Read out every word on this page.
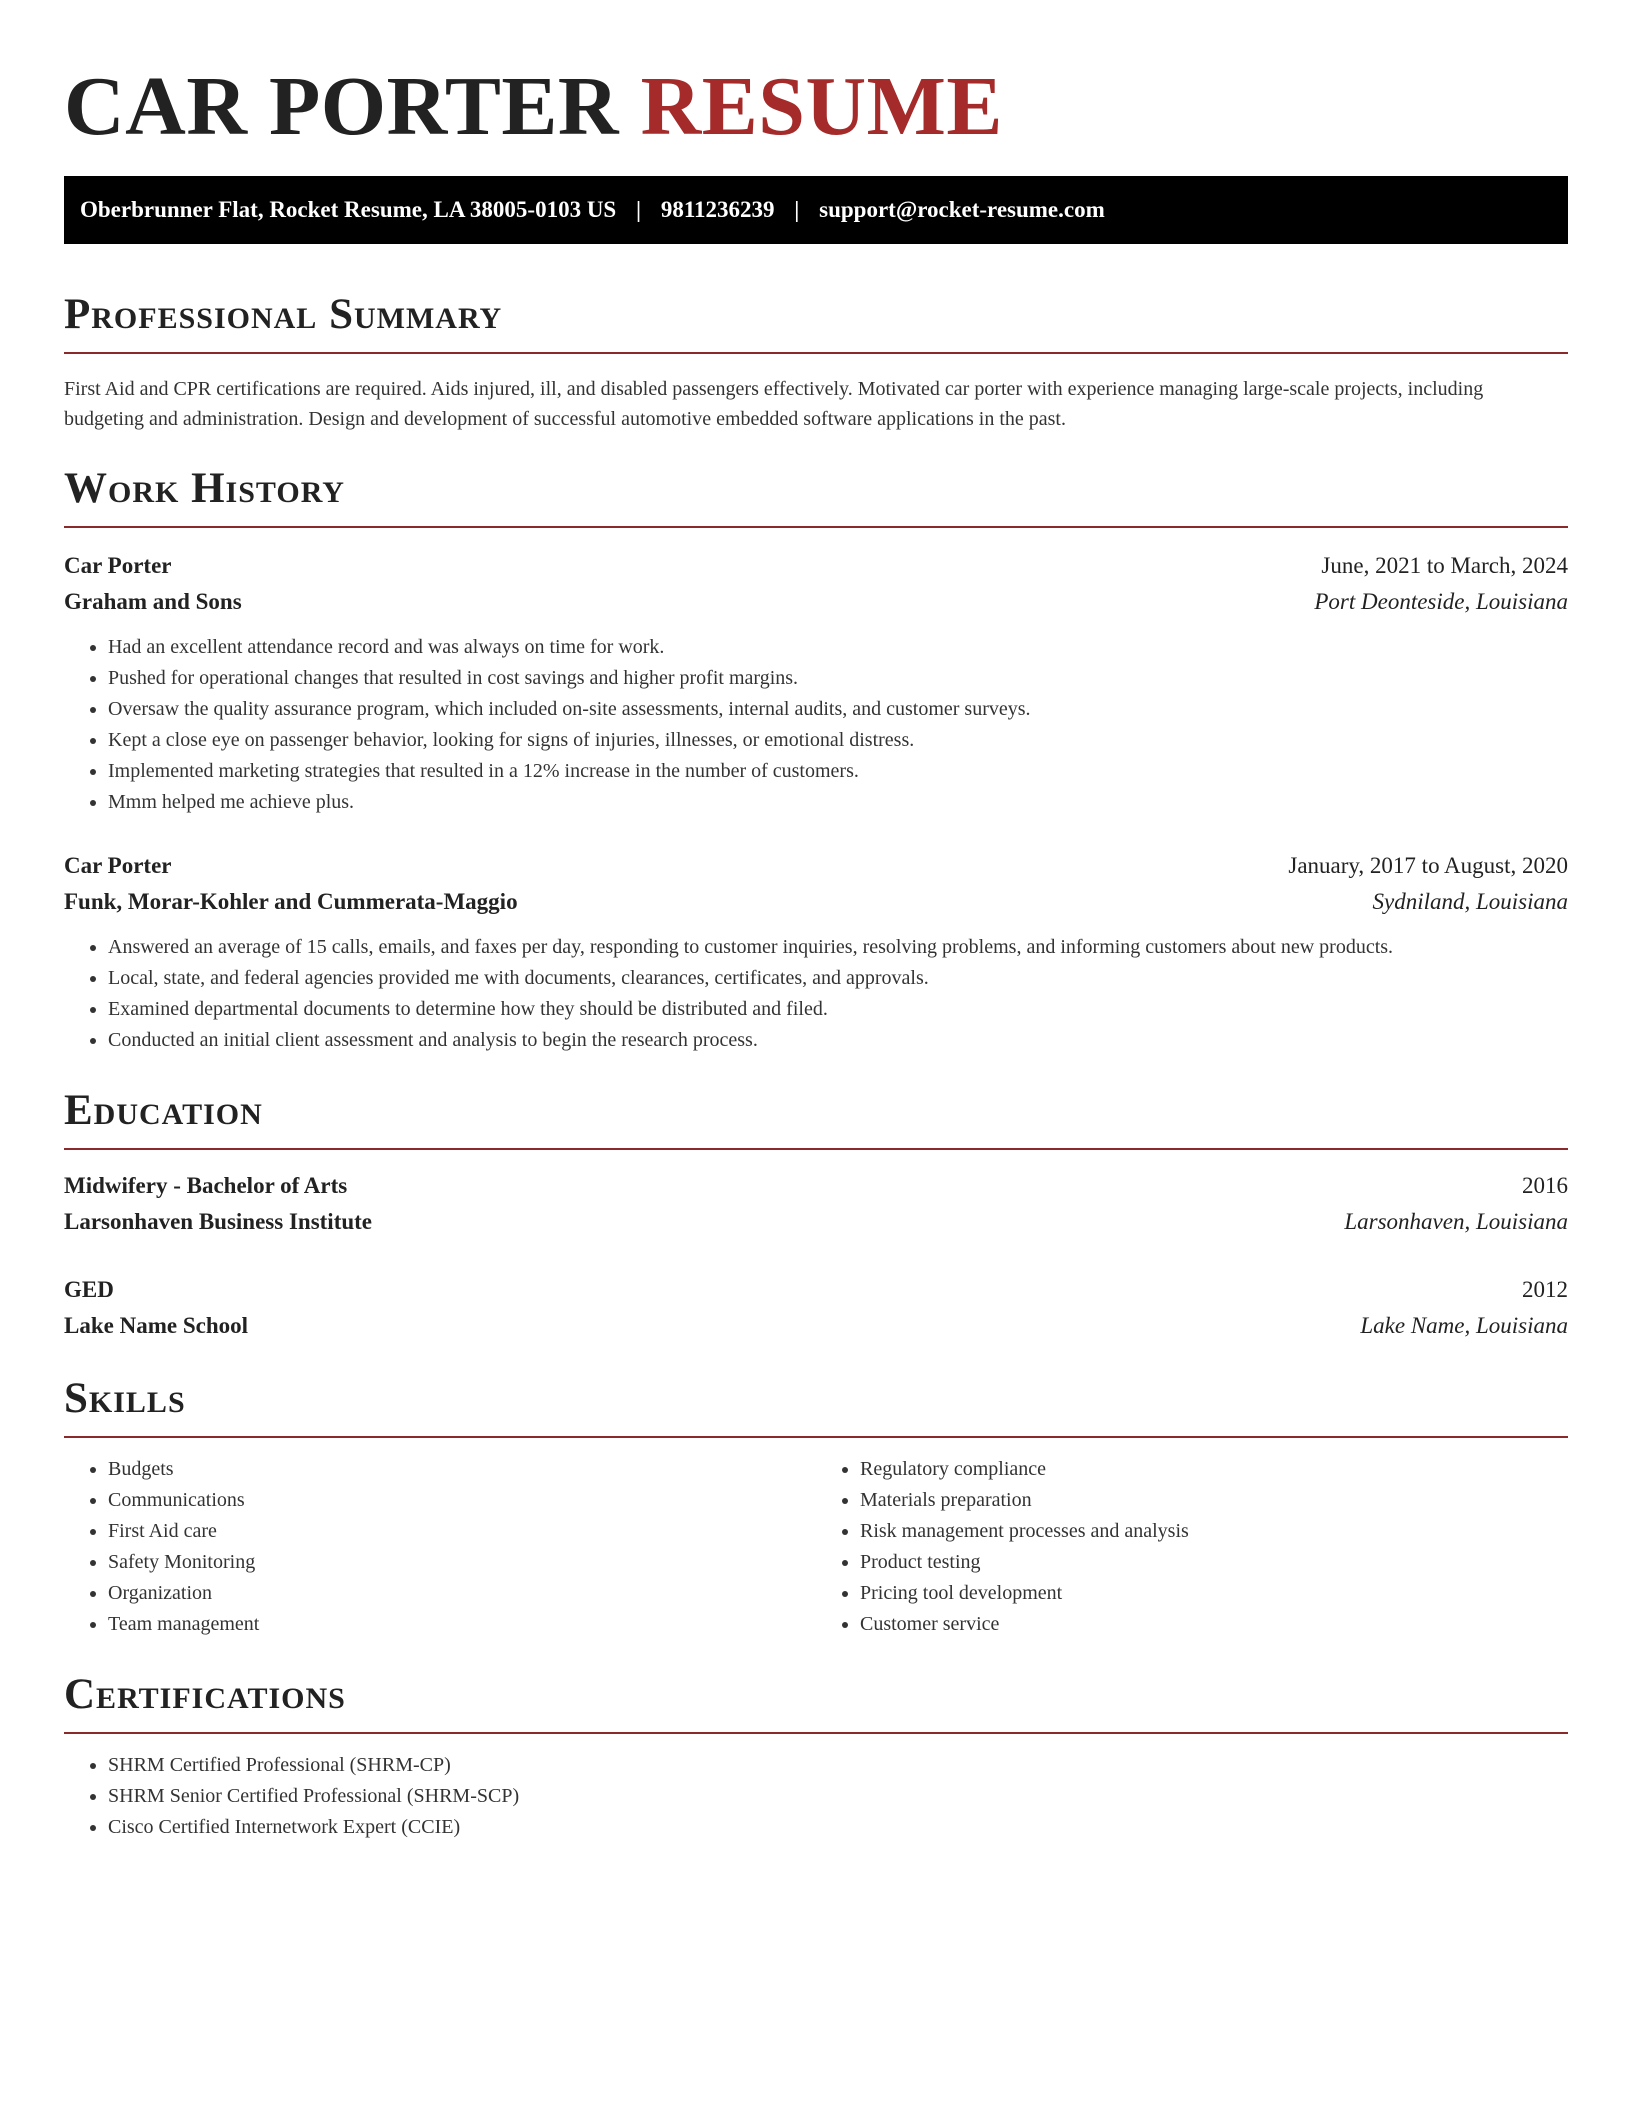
CAR PORTER RESUME
Oberbrunner Flat, Rocket Resume, LA 38005-0103 US | 9811236239 | support@rocket-resume.com
Professional Summary

First Aid and CPR certifications are required. Aids injured, ill, and disabled passengers effectively. Motivated car porter with experience managing large-scale projects, including budgeting and administration. Design and development of successful automotive embedded software applications in the past.

Work History
Car Porter	June, 2021 to March, 2024
Graham and Sons	Port Deonteside, Louisiana
• Had an excellent attendance record and was always on time for work.
• Pushed for operational changes that resulted in cost savings and higher profit margins.
• Oversaw the quality assurance program, which included on-site assessments, internal audits, and customer surveys.
• Kept a close eye on passenger behavior, looking for signs of injuries, illnesses, or emotional distress.
• Implemented marketing strategies that resulted in a 12% increase in the number of customers.
• Mmm helped me achieve plus.
Car Porter	January, 2017 to August, 2020
Funk, Morar-Kohler and Cummerata-Maggio	Sydniland, Louisiana
• Answered an average of 15 calls, emails, and faxes per day, responding to customer inquiries, resolving problems, and informing customers about new products.
• Local, state, and federal agencies provided me with documents, clearances, certificates, and approvals.
• Examined departmental documents to determine how they should be distributed and filed.
• Conducted an initial client assessment and analysis to begin the research process.
Education
Midwifery - Bachelor of Arts	2016
Larsonhaven Business Institute	Larsonhaven, Louisiana
GED	2012
Lake Name School	Lake Name, Louisiana
Skills
• Budgets
• Communications
• First Aid care
• Safety Monitoring
• Organization
• Team management
• Regulatory compliance
• Materials preparation
• Risk management processes and analysis
• Product testing
• Pricing tool development
• Customer service
Certifications
• SHRM Certified Professional (SHRM-CP)
• SHRM Senior Certified Professional (SHRM-SCP)
• Cisco Certified Internetwork Expert (CCIE)
